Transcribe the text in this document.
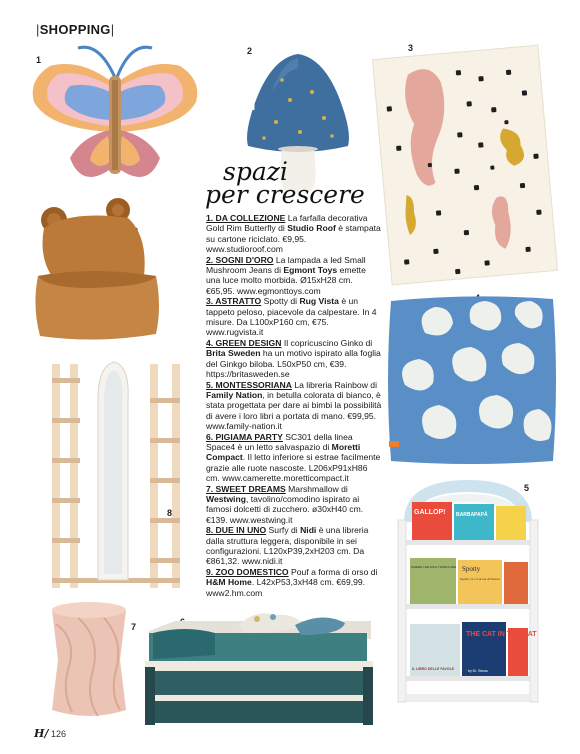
|SHOPPING|
1
2	3
5
7
8	GALLOP! BARBAPAPÀ
WHERE THE WILD THINGS ARE Spotty
Spotty va a Caccia di Tesoro
IL LIBRO DELLE FAVOLE
THE CAT IN THE HAT
by Dr. Seuss
spazi
per crescere

1. DA COLLEZIONE La farfalla decorativa Gold Rim Butterfly di Studio Roof è stampata su cartone riciclato. €9,95. www.studioroof.com

2. SOGNI D'ORO La lampada a led Small Mushroom Jeans di Egmont Toys emette una luce molto morbida. Ø15xH28 cm. €65,95. www.egmonttoys.com

3. ASTRATTO Spotty di Rug Vista è un tappeto peloso, piacevole da calpestare. In 4 misure. Da L100xP160 cm, €75. www.rugvista.it

4. GREEN DESIGN Il copricuscino Ginko di Brita Sweden ha un motivo ispirato alla foglia del Ginkgo biloba. L50xP50 cm, €39. https://britasweden.se

5. MONTESSORIANA La libreria Rainbow di Family Nation, in betulla colorata di bianco, è stata progettata per dare ai bimbi la possibilità di avere i loro libri a portata di mano. €99,95. www.family-nation.it

6. PIGIAMA PARTY SC301 della linea Space4 è un letto salvaspazio di Moretti Compact. Il letto inferiore si estrae facilmente grazie alle ruote nascoste. L206xP91xH86 cm. www.camerette.moretticompact.it

7. SWEET DREAMS Marshmallow di Westwing, tavolino/comodino ispirato ai famosi dolcetti di zucchero. ø30xH40 cm. €139. www.westwing.it

8. DUE IN UNO Surfy di Nidi è una libreria dalla struttura leggera, disponibile in sei configurazioni. L120xP39,2xH203 cm. Da €861,32. www.nidi.it

9. ZOO DOMESTICO Pouf a forma di orso di H&M Home. L42xP53,3xH48 cm. €69,99. www2.hm.com

H/ 126
